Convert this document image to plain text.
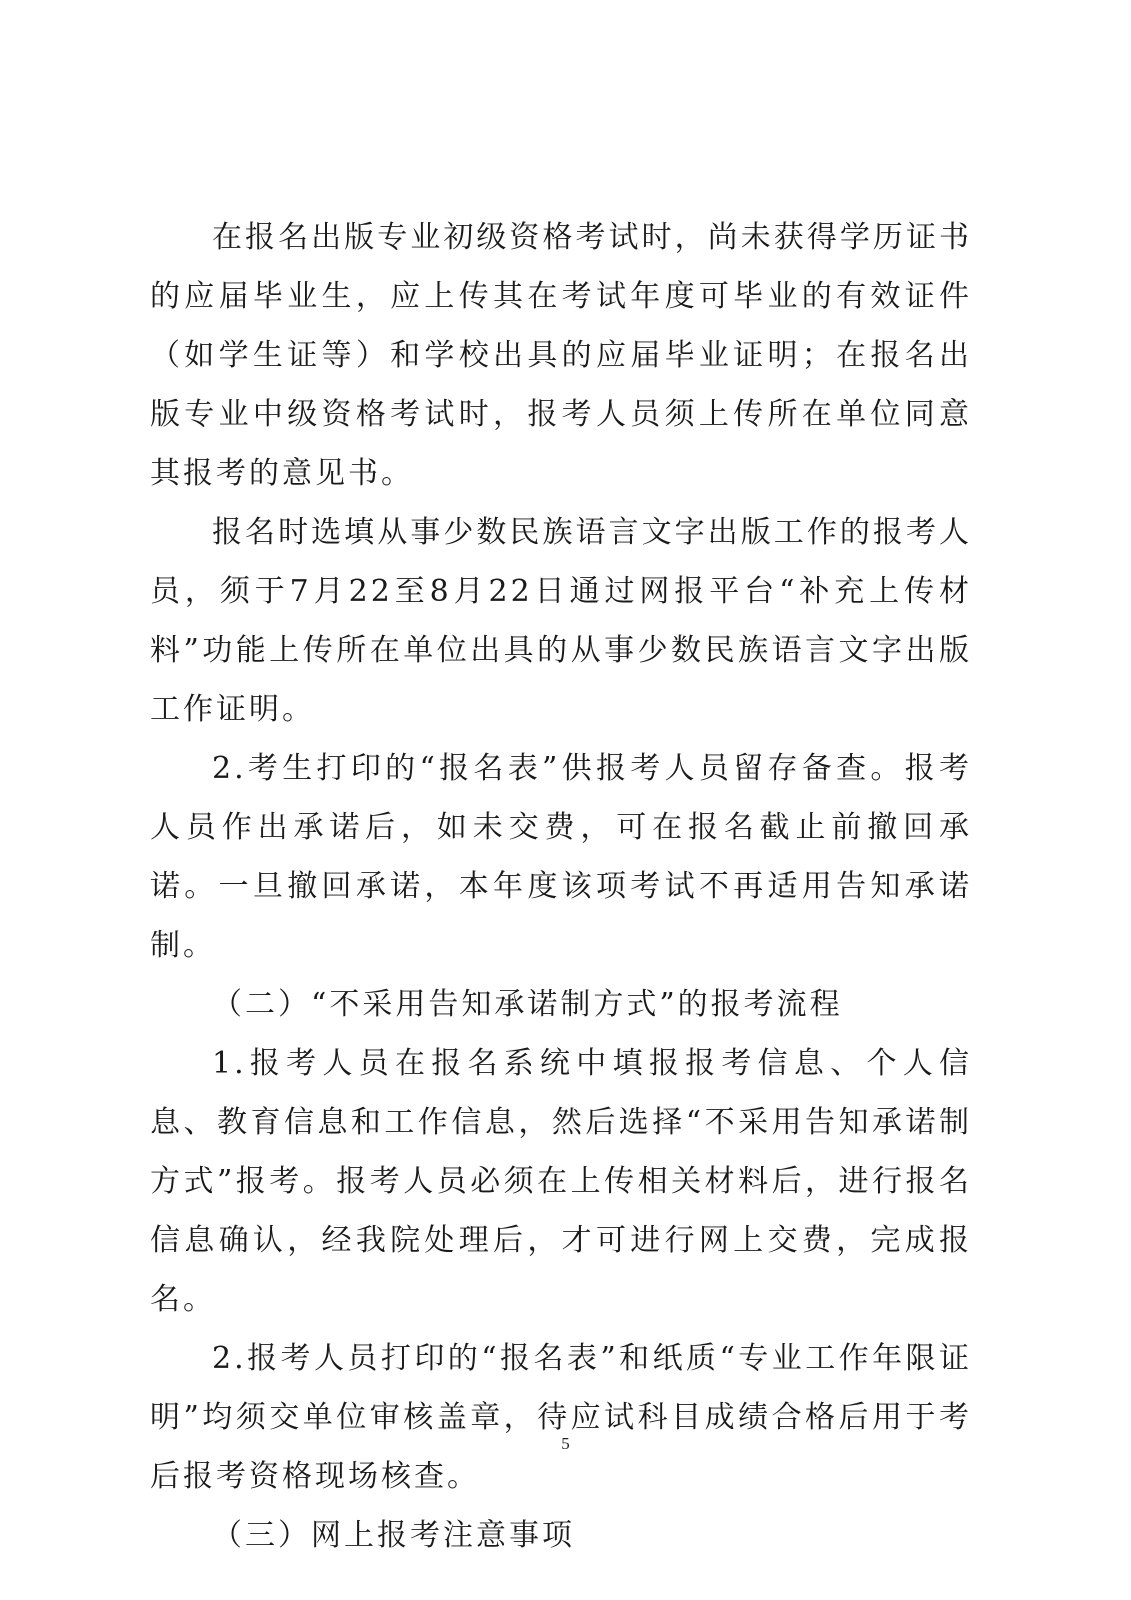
在报名出版专业初级资格考试时，尚未获得学历证书的应届毕业生，应上传其在考试年度可毕业的有效证件（如学生证等）和学校出具的应届毕业证明；在报名出版专业中级资格考试时，报考人员须上传所在单位同意其报考的意见书。

报名时选填从事少数民族语言文字出版工作的报考人员，须于7月22至8月22日通过网报平台“补充上传材料”功能上传所在单位出具的从事少数民族语言文字出版工作证明。

2.考生打印的“报名表”供报考人员留存备查。报考人员作出承诺后，如未交费，可在报名截止前撤回承诺。一旦撤回承诺，本年度该项考试不再适用告知承诺制。

（二）“不采用告知承诺制方式”的报考流程

1.报考人员在报名系统中填报报考信息、个人信息、教育信息和工作信息，然后选择“不采用告知承诺制方式”报考。报考人员必须在上传相关材料后，进行报名信息确认，经我院处理后，才可进行网上交费，完成报名。

2.报考人员打印的“报名表”和纸质“专业工作年限证明”均须交单位审核盖章，待应试科目成绩合格后用于考后报考资格现场核查。

（三）网上报考注意事项

5
